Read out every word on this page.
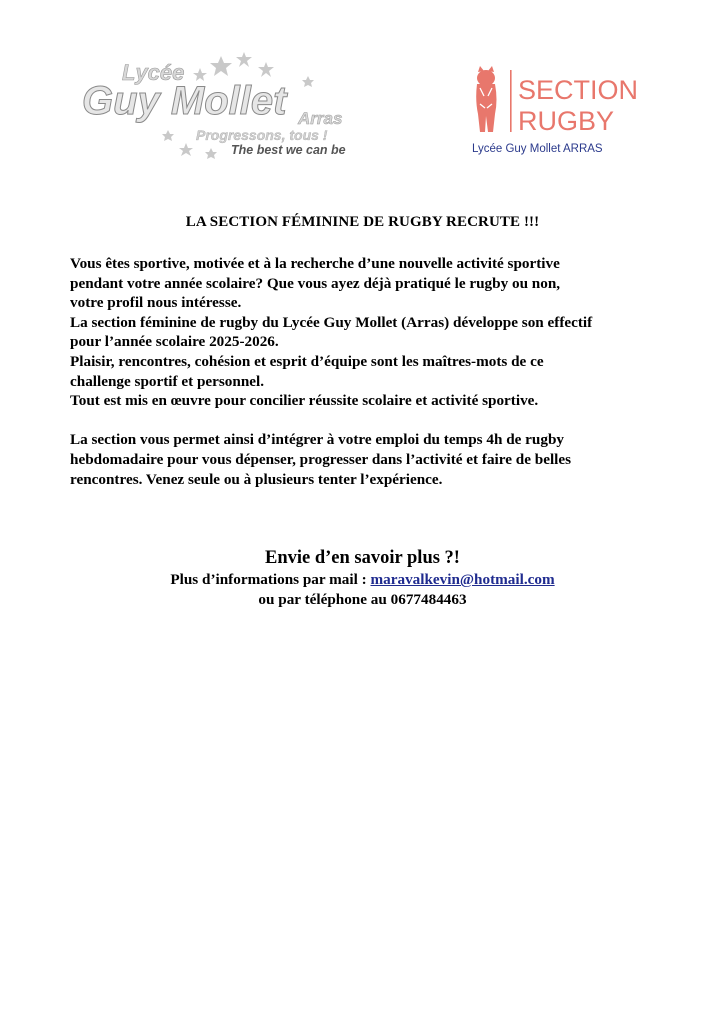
Lycée
Guy Mollet Arras
Progressons, tous !
The best we can be
SECTION
RUGBY
Lycée Guy Mollet ARRAS
LA SECTION FÉMININE DE RUGBY RECRUTE !!!

Vous êtes sportive, motivée et à la recherche d’une nouvelle activité sportive

pendant votre année scolaire? Que vous ayez déjà pratiqué le rugby ou non,

votre profil nous intéresse.

La section féminine de rugby du Lycée Guy Mollet (Arras) développe son effectif

pour l’année scolaire 2025-2026.

Plaisir, rencontres, cohésion et esprit d’équipe sont les maîtres-mots de ce

challenge sportif et personnel.

Tout est mis en œuvre pour concilier réussite scolaire et activité sportive.

La section vous permet ainsi d’intégrer à votre emploi du temps 4h de rugby

hebdomadaire pour vous dépenser, progresser dans l’activité et faire de belles

rencontres. Venez seule ou à plusieurs tenter l’expérience.

Envie d’en savoir plus ?!
Plus d’informations par mail : maravalkevin@hotmail.com
ou par téléphone au 0677484463
